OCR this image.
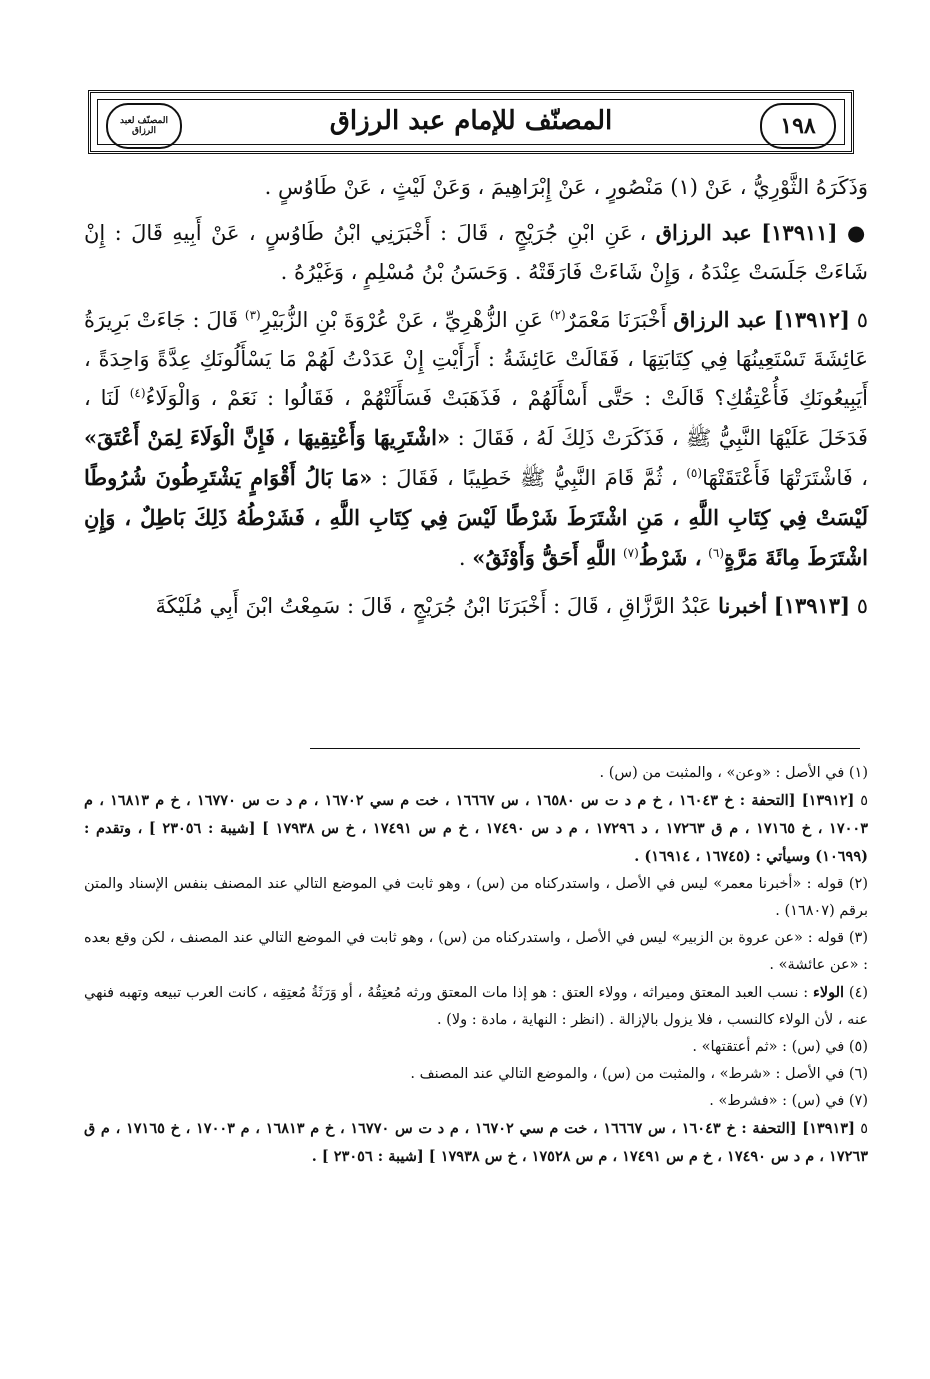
١٩٨
المصنّف للإمام عبد الرزاق
المصنّف لعبد الرزاق

وَذَكَرَهُ الثَّوْرِيُّ ، عَنْ (١) مَنْصُورٍ ، عَنْ إِبْرَاهِيمَ ، وَعَنْ لَيْثٍ ، عَنْ طَاوُسٍ .

● [١٣٩١١] عبد الرزاق ، عَنِ ابْنِ جُرَيْجٍ ، قَالَ : أَخْبَرَنِي ابْنُ طَاوُسٍ ، عَنْ أَبِيهِ قَالَ : إِنْ شَاءَتْ جَلَسَتْ عِنْدَهُ ، وَإِنْ شَاءَتْ فَارَقَتْهُ . وَحَسَنُ بْنُ مُسْلِمٍ ، وَغَيْرُهُ .

٥ [١٣٩١٢] عبد الرزاق أَخْبَرَنَا مَعْمَرٌ$^{(٢)}$ عَنِ الزُّهْرِيِّ ، عَنْ عُرْوَةَ بْنِ الزُّبَيْرِ$^{(٣)}$ قَالَ : جَاءَتْ بَرِيرَةُ عَائِشَةَ تَسْتَعِينُهَا فِي كِتَابَتِهَا ، فَقَالَتْ عَائِشَةُ : أَرَأَيْتِ إِنْ عَدَدْتُ لَهُمْ مَا يَسْأَلُونَكِ عِدَّةً وَاحِدَةً ، أَيَبِيعُونَكِ فَأُعْتِقُكِ؟ قَالَتْ : حَتَّى أَسْأَلَهُمْ ، فَذَهَبَتْ فَسَأَلَتْهُمْ ، فَقَالُوا : نَعَمْ ، وَالْوَلَاءُ$^{(٤)}$ لَنَا ، فَدَخَلَ عَلَيْهَا النَّبِيُّ ﷺ ، فَذَكَرَتْ ذَلِكَ لَهُ ، فَقَالَ : «اشْتَرِيهَا وَأَعْتِقِيهَا ، فَإِنَّ الْوَلَاءَ لِمَنْ أَعْتَقَ» ، فَاشْتَرَتْهَا فَأَعْتَقَتْهَا$^{(٥)}$ ، ثُمَّ قَامَ النَّبِيُّ ﷺ خَطِيبًا ، فَقَالَ : «مَا بَالُ أَقْوَامٍ يَشْتَرِطُونَ شُرُوطًا لَيْسَتْ فِي كِتَابِ اللَّهِ ، مَنِ اشْتَرَطَ شَرْطًا لَيْسَ فِي كِتَابِ اللَّهِ ، فَشَرْطُهُ ذَلِكَ بَاطِلٌ ، وَإِنِ اشْتَرَطَ مِائَةَ مَرَّةٍ$^{(٦)}$ ، شَرْطُ$^{(٧)}$ اللَّهِ أَحَقُّ وَأَوْثَقُ» .

٥ [١٣٩١٣] أخبرنا عَبْدُ الرَّزَّاقِ ، قَالَ : أَخْبَرَنَا ابْنُ جُرَيْجٍ ، قَالَ : سَمِعْتُ ابْنَ أَبِي مُلَيْكَةَ

(١) في الأصل : «وعن» ، والمثبت من (س) .

٥ [١٣٩١٢] [التحفة : خ ١٦٠٤٣ ، خ م د ت س ١٦٥٨٠ ، س ١٦٦٦٧ ، خت م سي ١٦٧٠٢ ، م د ت س ١٦٧٧٠ ، خ م ١٦٨١٣ ، م ١٧٠٠٣ ، خ ١٧١٦٥ ، م ق ١٧٢٦٣ ، د ١٧٢٩٦ ، م د س ١٧٤٩٠ ، خ م س ١٧٤٩١ ، خ س ١٧٩٣٨ ] [شيبة : ٢٣٠٥٦ ] ، وتقدم : (١٠٦٩٩) وسيأتي : (١٦٧٤٥ ، ١٦٩١٤) .

(٢) قوله : «أخبرنا معمر» ليس في الأصل ، واستدركناه من (س) ، وهو ثابت في الموضع التالي عند المصنف بنفس الإسناد والمتن برقم (١٦٨٠٧) .

(٣) قوله : «عن عروة بن الزبير» ليس في الأصل ، واستدركناه من (س) ، وهو ثابت في الموضع التالي عند المصنف ، لكن وقع بعده : «عن عائشة» .

(٤) الولاء : نسب العبد المعتق وميراثه ، وولاء العتق : هو إذا مات المعتق ورثه مُعتِقُهُ ، أو وَرَثَةُ مُعتِقِه ، كانت العرب تبيعه وتهبه فنهي عنه ، لأن الولاء كالنسب ، فلا يزول بالإزالة . (انظر : النهاية ، مادة : ولا) .

(٥) في (س) : «ثم أعتقتها» .

(٦) في الأصل : «شرط» ، والمثبت من (س) ، والموضع التالي عند المصنف .

(٧) في (س) : «فشرط» .

٥ [١٣٩١٣] [التحفة : خ ١٦٠٤٣ ، س ١٦٦٦٧ ، خت م سي ١٦٧٠٢ ، م د ت س ١٦٧٧٠ ، خ م ١٦٨١٣ ، م ١٧٠٠٣ ، خ ١٧١٦٥ ، م ق ١٧٢٦٣ ، م د س ١٧٤٩٠ ، خ م س ١٧٤٩١ ، م س ١٧٥٢٨ ، خ س ١٧٩٣٨ ] [شيبة : ٢٣٠٥٦ ] .
